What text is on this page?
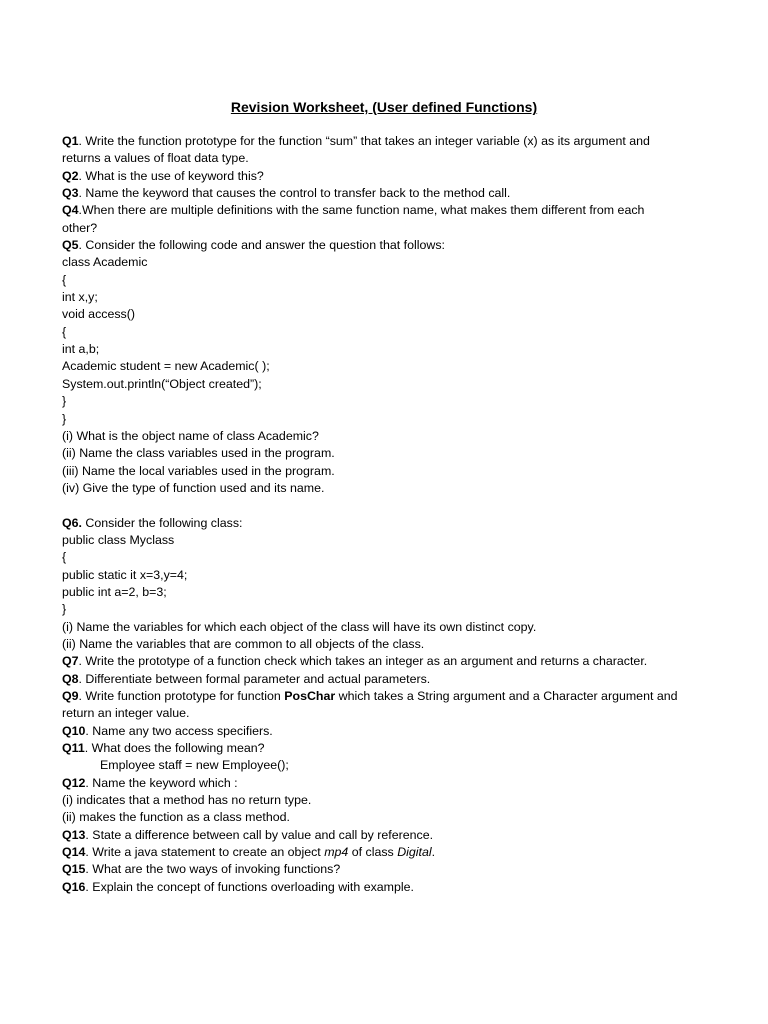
Revision Worksheet, (User defined Functions)
Q1. Write the function prototype for the function “sum” that takes an integer variable (x) as its argument and
returns a values of float data type.
Q2. What is the use of keyword this?
Q3. Name the keyword that causes the control to transfer back to the method call.
Q4.When there are multiple definitions with the same function name, what makes them different from each
other?
Q5. Consider the following code and answer the question that follows:
class Academic
{
int x,y;
void access()
{
int a,b;
Academic student = new Academic( );
System.out.println(“Object created”);
}
}
(i) What is the object name of class Academic?
(ii) Name the class variables used in the program.
(iii) Name the local variables used in the program.
(iv) Give the type of function used and its name.
Q6. Consider the following class:
public class Myclass
{
public static it x=3,y=4;
public int a=2, b=3;
}
(i) Name the variables for which each object of the class will have its own distinct copy.
(ii) Name the variables that are common to all objects of the class.
Q7. Write the prototype of a function check which takes an integer as an argument and returns a character.
Q8. Differentiate between formal parameter and actual parameters.
Q9. Write function prototype for function PosChar which takes a String argument and a Character argument and
return an integer value.
Q10. Name any two access specifiers.
Q11. What does the following mean?
Employee staff = new Employee();
Q12. Name the keyword which :
(i) indicates that a method has no return type.
(ii) makes the function as a class method.
Q13. State a difference between call by value and call by reference.
Q14. Write a java statement to create an object mp4 of class Digital.
Q15. What are the two ways of invoking functions?
Q16. Explain the concept of functions overloading with example.
